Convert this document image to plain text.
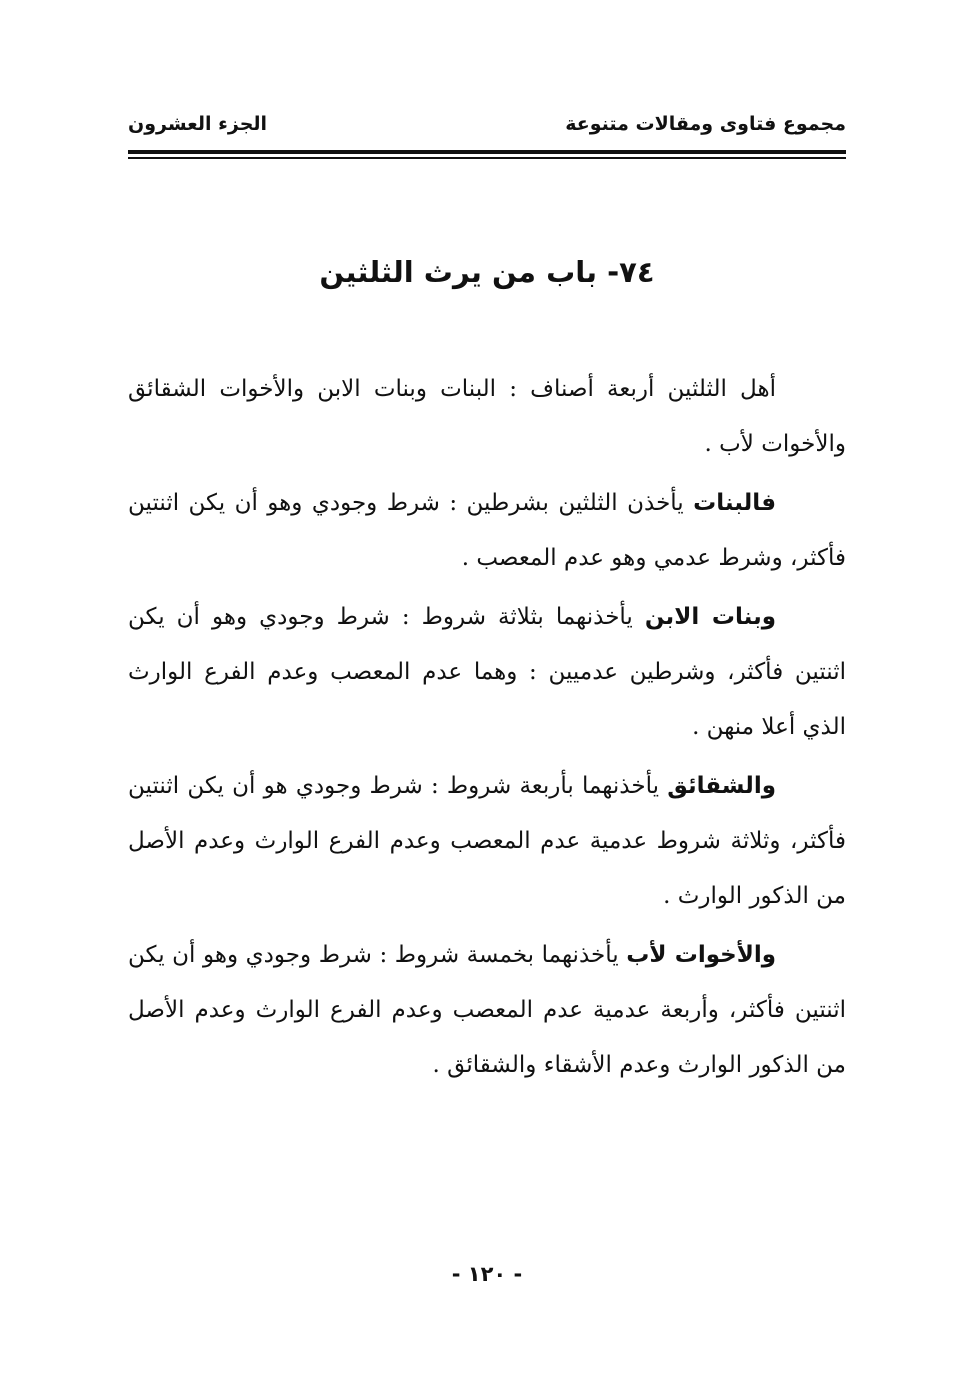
مجموع فتاوى ومقالات متنوعة
الجزء العشرون
٧٤- باب من يرث الثلثين

أهل الثلثين أربعة أصناف : البنات وبنات الابن والأخوات الشقائق والأخوات لأب .

فالبنات يأخذن الثلثين بشرطين : شرط وجودي وهو أن يكن اثنتين فأكثر، وشرط عدمي وهو عدم المعصب .

وبنات الابن يأخذنهما بثلاثة شروط : شرط وجودي وهو أن يكن اثنتين فأكثر، وشرطين عدميين : وهما عدم المعصب وعدم الفرع الوارث الذي أعلا منهن .

والشقائق يأخذنهما بأربعة شروط : شرط وجودي هو أن يكن اثنتين فأكثر، وثلاثة شروط عدمية عدم المعصب وعدم الفرع الوارث وعدم الأصل من الذكور الوارث .

والأخوات لأب يأخذنهما بخمسة شروط : شرط وجودي وهو أن يكن اثنتين فأكثر، وأربعة عدمية عدم المعصب وعدم الفرع الوارث وعدم الأصل من الذكور الوارث وعدم الأشقاء والشقائق .

- ١٢٠ -
